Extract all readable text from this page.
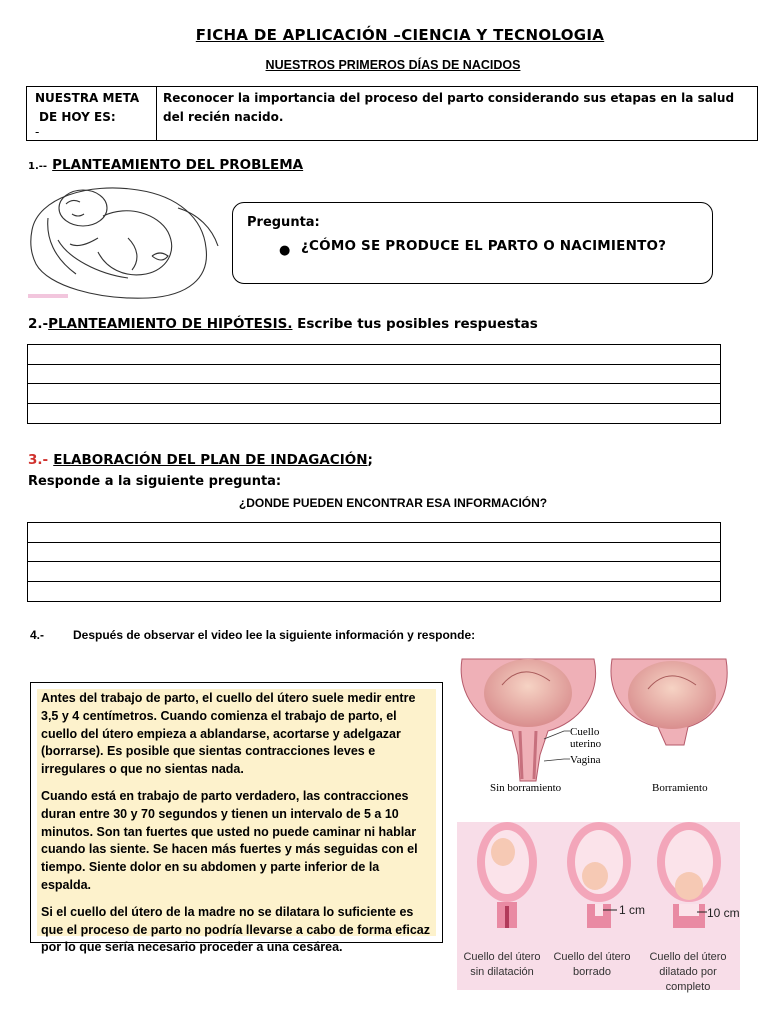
FICHA DE APLICACIÓN –CIENCIA Y TECNOLOGIA
NUESTROS PRIMEROS DÍAS DE NACIDOS
NUESTRA META
DE HOY ES:
-
Reconocer la importancia del proceso del parto considerando sus etapas en la salud del recién nacido.
1.-- PLANTEAMIENTO DEL PROBLEMA
Pregunta:
● ¿CÓMO SE PRODUCE EL PARTO O NACIMIENTO?
2.-PLANTEAMIENTO DE HIPÓTESIS. Escribe tus posibles respuestas
3.- ELABORACIÓN DEL PLAN DE INDAGACIÓN;
Responde a la siguiente pregunta:
¿DONDE PUEDEN ENCONTRAR ESA INFORMACIÓN?
4.- Después de observar el video lee la siguiente información y responde:

Antes del trabajo de parto, el cuello del útero suele medir entre 3,5 y 4 centímetros. Cuando comienza el trabajo de parto, el cuello del útero empieza a ablandarse, acortarse y adelgazar (borrarse). Es posible que sientas contracciones leves e irregulares o que no sientas nada.

Cuando está en trabajo de parto verdadero, las contracciones duran entre 30 y 70 segundos y tienen un intervalo de 5 a 10 minutos. Son tan fuertes que usted no puede caminar ni hablar cuando las siente. Se hacen más fuertes y más seguidas con el tiempo. Siente dolor en su abdomen y parte inferior de la espalda.

Si el cuello del útero de la madre no se dilatara lo suficiente es que el proceso de parto no podría llevarse a cabo de forma eficaz por lo que sería necesario proceder a una cesárea.

Cuello
uterino
Vagina
Sin borramiento	Borramiento
1 cm	10 cm
Cuello del útero
sin dilatación
Cuello del útero
borrado
Cuello del útero
dilatado por completo
